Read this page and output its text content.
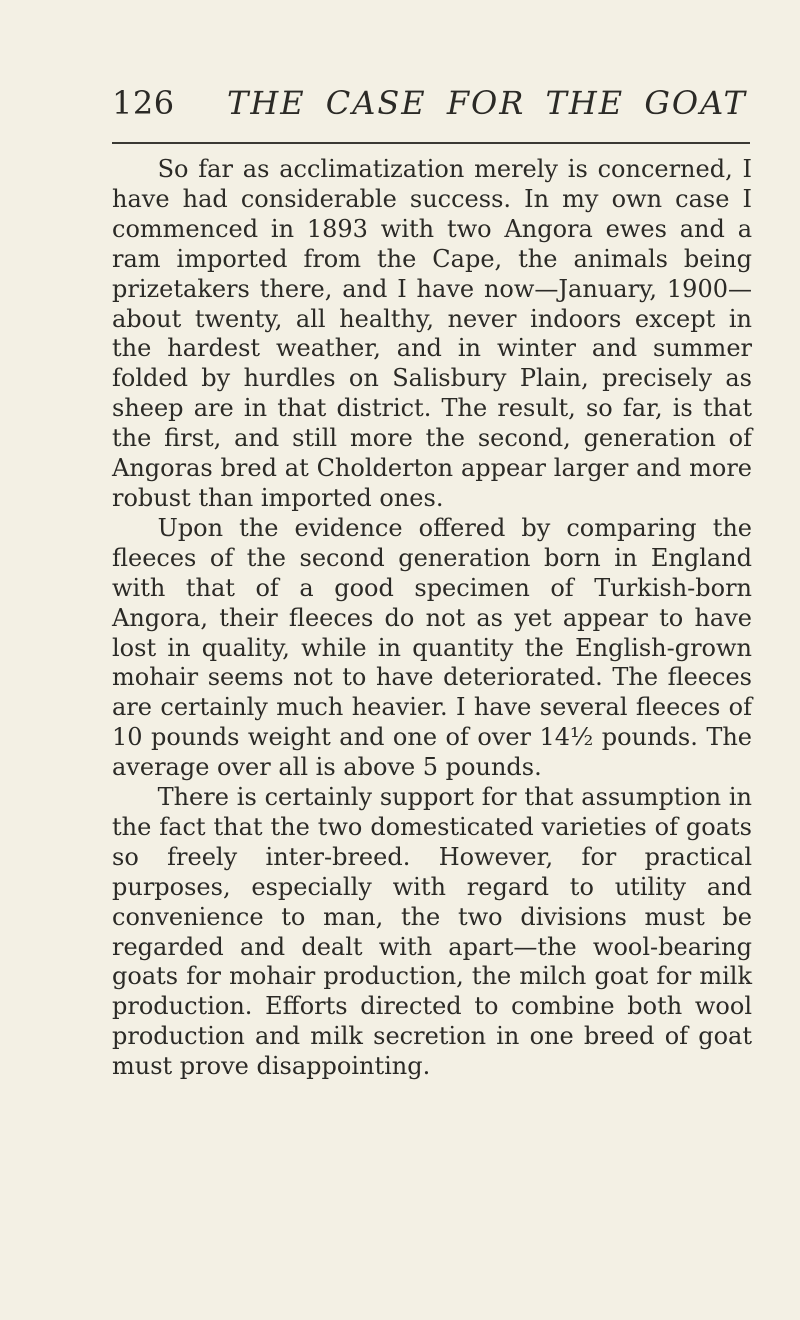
126 THE CASE FOR THE GOAT

So far as acclimatization merely is concerned, I have had considerable success. In my own case I commenced in 1893 with two Angora ewes and a ram imported from the Cape, the animals being prizetakers there, and I have now—January, 1900—about twenty, all healthy, never indoors except in the hardest weather, and in winter and summer folded by hurdles on Salisbury Plain, precisely as sheep are in that district. The result, so far, is that the first, and still more the second, generation of Angoras bred at Cholderton appear larger and more robust than imported ones.

Upon the evidence offered by comparing the fleeces of the second generation born in England with that of a good specimen of Turkish-born Angora, their fleeces do not as yet appear to have lost in quality, while in quantity the English-grown mohair seems not to have deteriorated. The fleeces are certainly much heavier. I have several fleeces of 10 pounds weight and one of over 14½ pounds. The average over all is above 5 pounds.

There is certainly support for that assumption in the fact that the two domesticated varieties of goats so freely inter-breed. However, for practical purposes, especially with regard to utility and convenience to man, the two divisions must be regarded and dealt with apart—the wool-bearing goats for mohair production, the milch goat for milk production. Efforts directed to combine both wool production and milk secretion in one breed of goat must prove disappointing.
